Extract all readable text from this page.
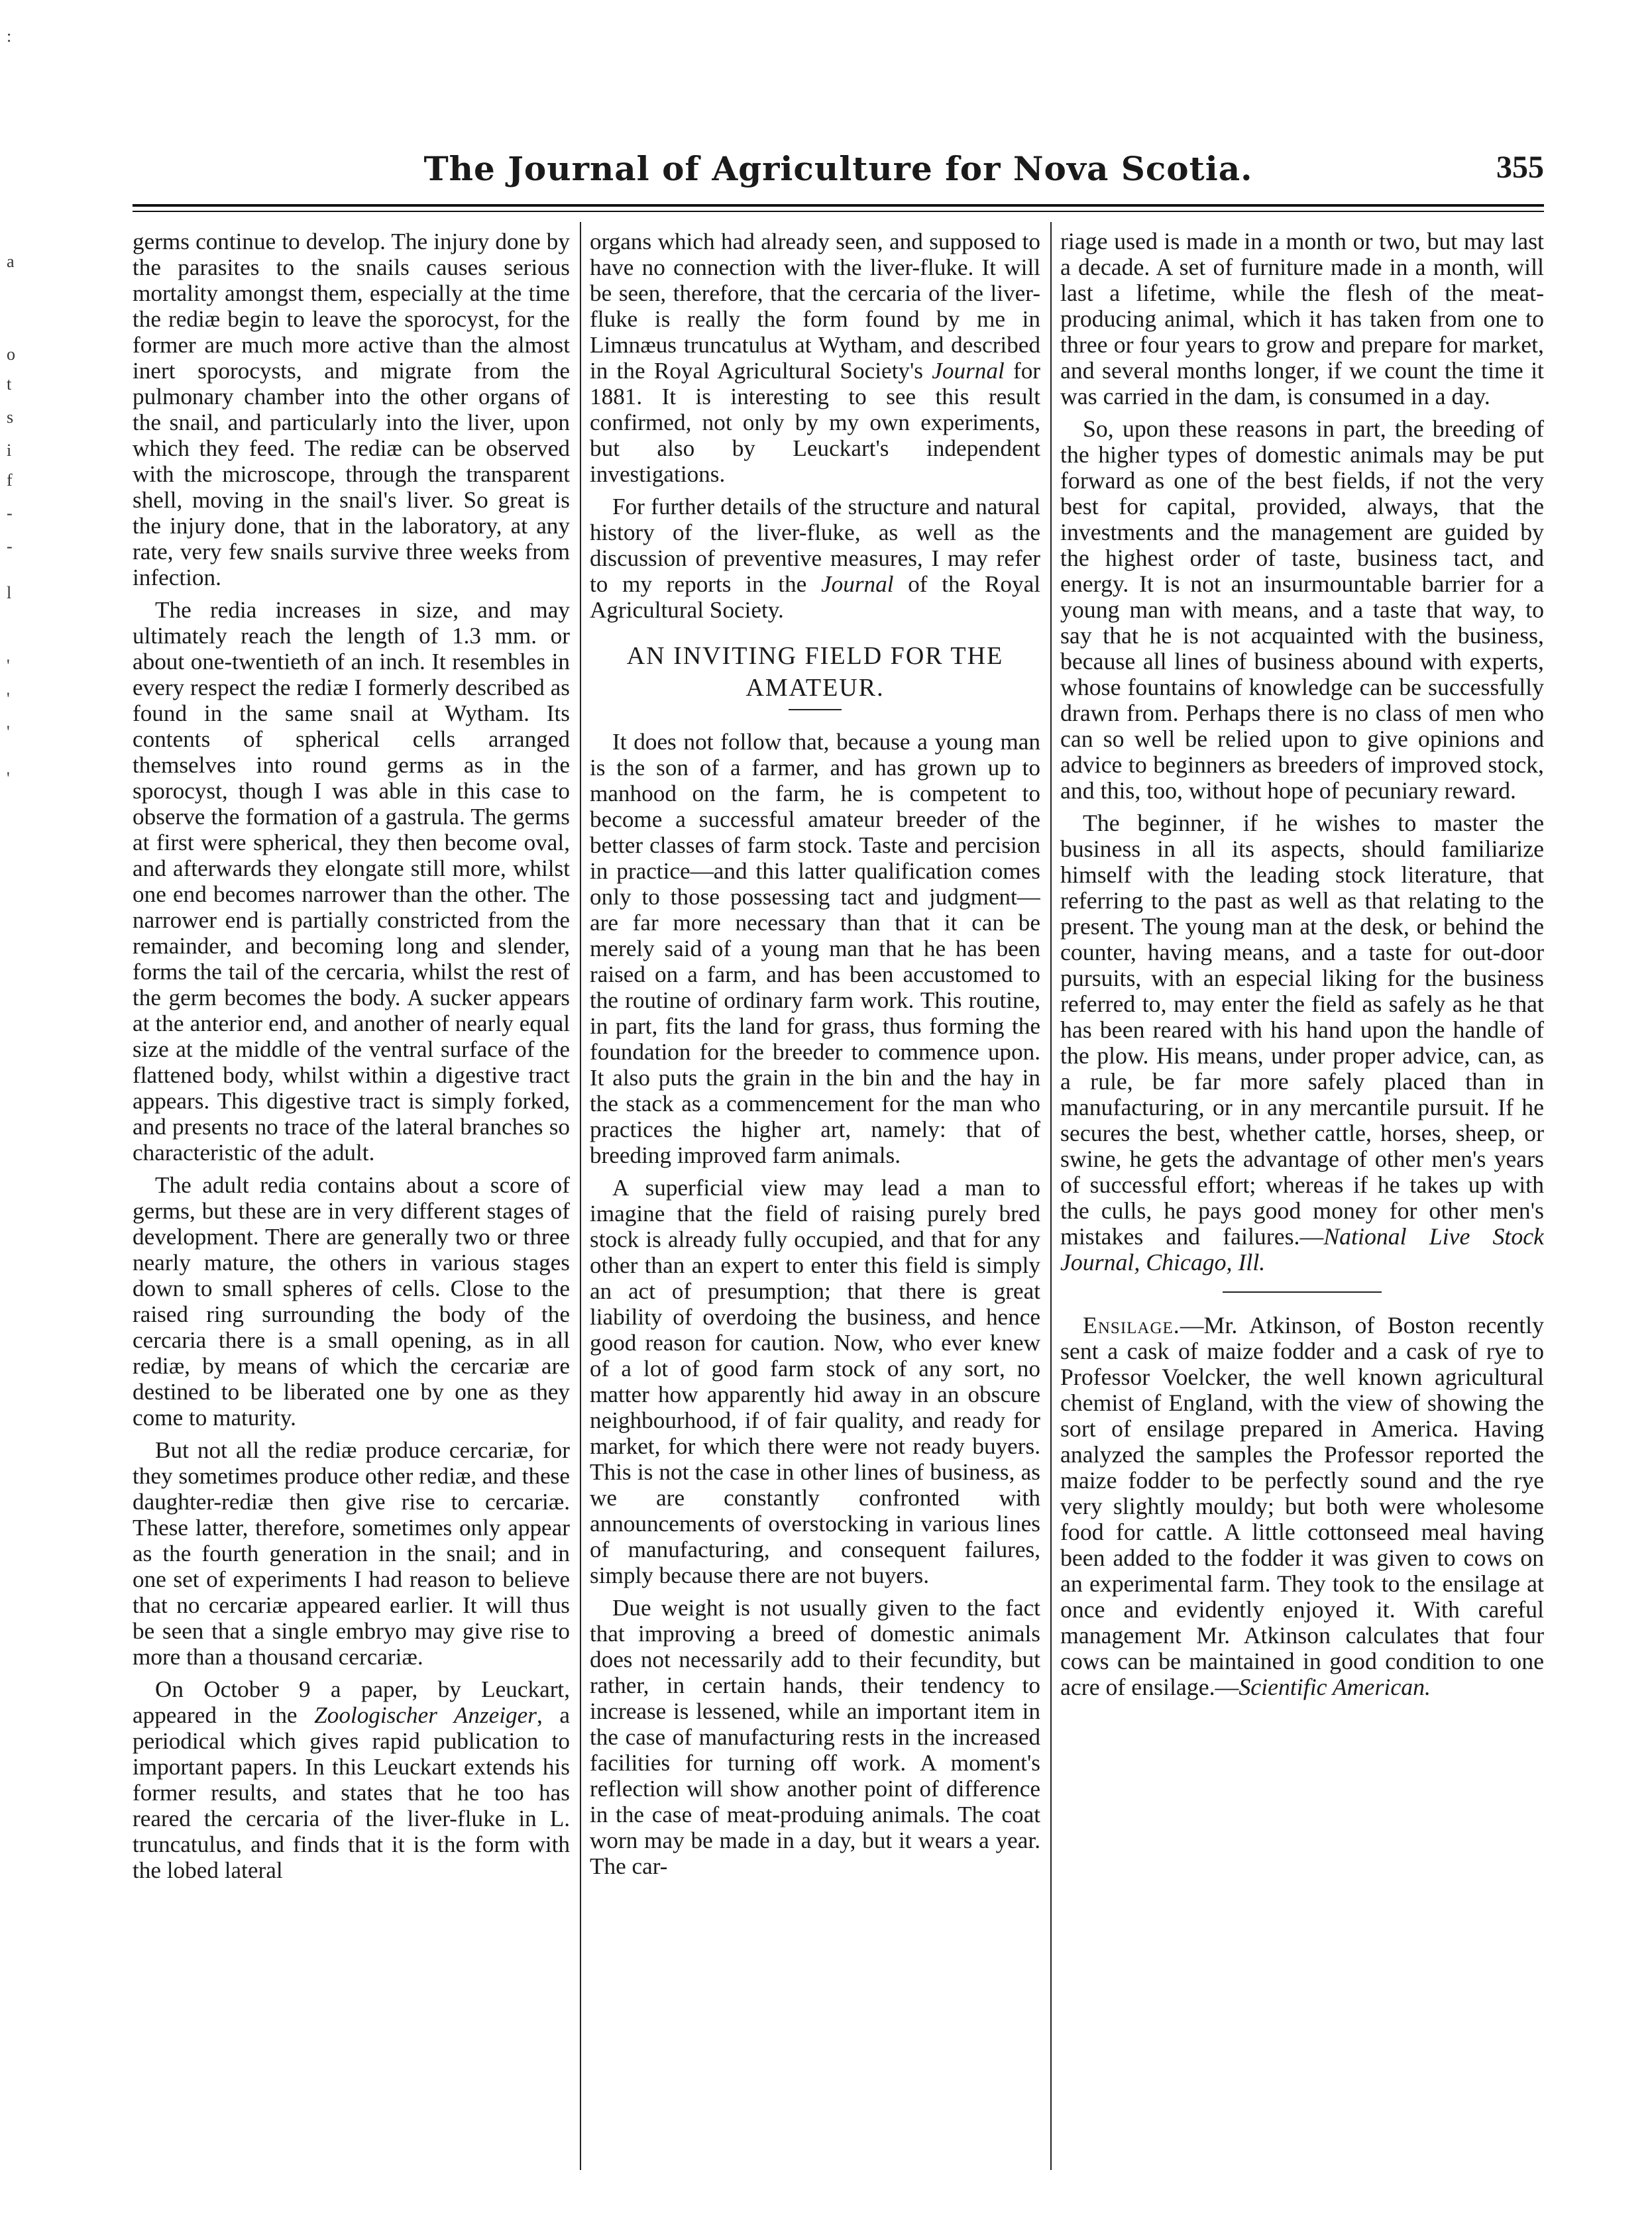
:
a
o
t
s
i
f
-
-
l
'
'
'
'
The Journal of Agriculture for Nova Scotia.	355

germs continue to develop. The injury done by the parasites to the snails causes serious mortality amongst them, especially at the time the rediæ begin to leave the sporocyst, for the former are much more active than the almost inert sporocysts, and migrate from the pulmonary chamber into the other organs of the snail, and particularly into the liver, upon which they feed. The rediæ can be observed with the microscope, through the transparent shell, moving in the snail's liver. So great is the injury done, that in the laboratory, at any rate, very few snails survive three weeks from infection.

The redia increases in size, and may ultimately reach the length of 1.3 mm. or about one-twentieth of an inch. It resembles in every respect the rediæ I formerly described as found in the same snail at Wytham. Its contents of spherical cells arranged themselves into round germs as in the sporocyst, though I was able in this case to observe the formation of a gastrula. The germs at first were spherical, they then become oval, and afterwards they elongate still more, whilst one end becomes narrower than the other. The narrower end is partially constricted from the remainder, and becoming long and slender, forms the tail of the cercaria, whilst the rest of the germ becomes the body. A sucker appears at the anterior end, and another of nearly equal size at the middle of the ventral surface of the flattened body, whilst within a digestive tract appears. This digestive tract is simply forked, and presents no trace of the lateral branches so characteristic of the adult.

The adult redia contains about a score of germs, but these are in very different stages of development. There are generally two or three nearly mature, the others in various stages down to small spheres of cells. Close to the raised ring surrounding the body of the cercaria there is a small opening, as in all rediæ, by means of which the cercariæ are destined to be liberated one by one as they come to maturity.

But not all the rediæ produce cercariæ, for they sometimes produce other rediæ, and these daughter-rediæ then give rise to cercariæ. These latter, therefore, sometimes only appear as the fourth generation in the snail; and in one set of experiments I had reason to believe that no cercariæ appeared earlier. It will thus be seen that a single embryo may give rise to more than a thousand cercariæ.

On October 9 a paper, by Leuckart, appeared in the Zoologischer Anzeiger, a periodical which gives rapid publication to important papers. In this Leuckart extends his former results, and states that he too has reared the cercaria of the liver-fluke in L. truncatulus, and finds that it is the form with the lobed lateral

organs which had already seen, and supposed to have no connection with the liver-fluke. It will be seen, therefore, that the cercaria of the liver-fluke is really the form found by me in Limnæus truncatulus at Wytham, and described in the Royal Agricultural Society's Journal for 1881. It is interesting to see this result confirmed, not only by my own experiments, but also by Leuckart's independent investigations.

For further details of the structure and natural history of the liver-fluke, as well as the discussion of preventive measures, I may refer to my reports in the Journal of the Royal Agricultural Society.

AN INVITING FIELD FOR THE AMATEUR.

It does not follow that, because a young man is the son of a farmer, and has grown up to manhood on the farm, he is competent to become a successful amateur breeder of the better classes of farm stock. Taste and percision in practice—and this latter qualification comes only to those possessing tact and judgment—are far more necessary than that it can be merely said of a young man that he has been raised on a farm, and has been accustomed to the routine of ordinary farm work. This routine, in part, fits the land for grass, thus forming the foundation for the breeder to commence upon. It also puts the grain in the bin and the hay in the stack as a commencement for the man who practices the higher art, namely: that of breeding improved farm animals.

A superficial view may lead a man to imagine that the field of raising purely bred stock is already fully occupied, and that for any other than an expert to enter this field is simply an act of presumption; that there is great liability of overdoing the business, and hence good reason for caution. Now, who ever knew of a lot of good farm stock of any sort, no matter how apparently hid away in an obscure neighbourhood, if of fair quality, and ready for market, for which there were not ready buyers. This is not the case in other lines of business, as we are constantly confronted with announcements of overstocking in various lines of manufacturing, and consequent failures, simply because there are not buyers.

Due weight is not usually given to the fact that improving a breed of domestic animals does not necessarily add to their fecundity, but rather, in certain hands, their tendency to increase is lessened, while an important item in the case of manufacturing rests in the increased facilities for turning off work. A moment's reflection will show another point of difference in the case of meat-produing animals. The coat worn may be made in a day, but it wears a year. The car-

riage used is made in a month or two, but may last a decade. A set of furniture made in a month, will last a lifetime, while the flesh of the meat-producing animal, which it has taken from one to three or four years to grow and prepare for market, and several months longer, if we count the time it was carried in the dam, is consumed in a day.

So, upon these reasons in part, the breeding of the higher types of domestic animals may be put forward as one of the best fields, if not the very best for capital, provided, always, that the investments and the management are guided by the highest order of taste, business tact, and energy. It is not an insurmountable barrier for a young man with means, and a taste that way, to say that he is not acquainted with the business, because all lines of business abound with experts, whose fountains of knowledge can be successfully drawn from. Perhaps there is no class of men who can so well be relied upon to give opinions and advice to beginners as breeders of improved stock, and this, too, without hope of pecuniary reward.

The beginner, if he wishes to master the business in all its aspects, should familiarize himself with the leading stock literature, that referring to the past as well as that relating to the present. The young man at the desk, or behind the counter, having means, and a taste for out-door pursuits, with an especial liking for the business referred to, may enter the field as safely as he that has been reared with his hand upon the handle of the plow. His means, under proper advice, can, as a rule, be far more safely placed than in manufacturing, or in any mercantile pursuit. If he secures the best, whether cattle, horses, sheep, or swine, he gets the advantage of other men's years of successful effort; whereas if he takes up with the culls, he pays good money for other men's mistakes and failures.—National Live Stock Journal, Chicago, Ill.

Ensilage.—Mr. Atkinson, of Boston recently sent a cask of maize fodder and a cask of rye to Professor Voelcker, the well known agricultural chemist of England, with the view of showing the sort of ensilage prepared in America. Having analyzed the samples the Professor reported the maize fodder to be perfectly sound and the rye very slightly mouldy; but both were wholesome food for cattle. A little cottonseed meal having been added to the fodder it was given to cows on an experimental farm. They took to the ensilage at once and evidently enjoyed it. With careful management Mr. Atkinson calculates that four cows can be maintained in good condition to one acre of ensilage.—Scientific American.
